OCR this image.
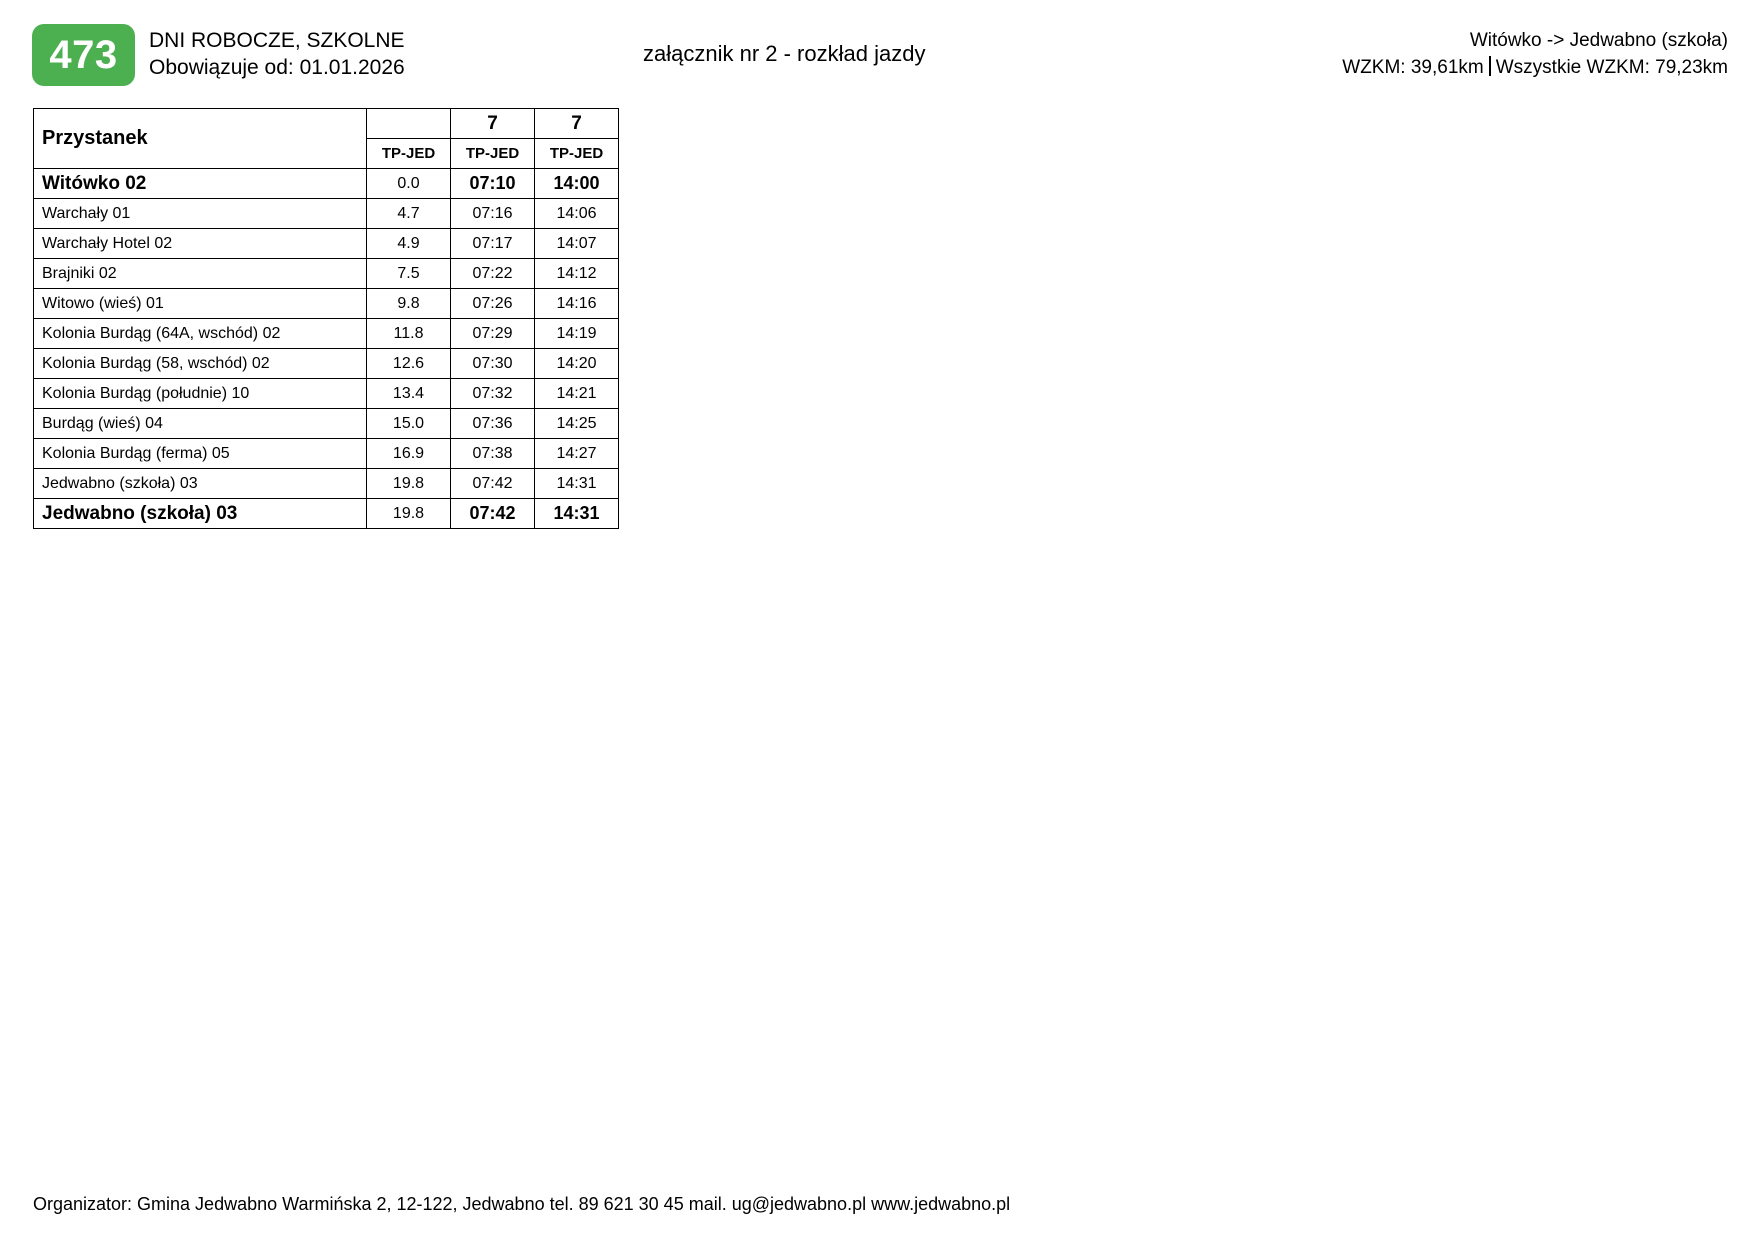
473 DNI ROBOCZE, SZKOLNE
Obowiązuje od: 01.01.2026
załącznik nr 2 - rozkład jazdy
Witówko -> Jedwabno (szkoła)
WZKM: 39,61km Wszystkie WZKM: 79,23km
Przystanek		7	7
	TP-JED	TP-JED	TP-JED
Witówko 02	0.0	07:10	14:00
Warchały 01	4.7	07:16	14:06
Warchały Hotel 02	4.9	07:17	14:07
Brajniki 02	7.5	07:22	14:12
Witowo (wieś) 01	9.8	07:26	14:16
Kolonia Burdąg (64A, wschód) 02	11.8	07:29	14:19
Kolonia Burdąg (58, wschód) 02	12.6	07:30	14:20
Kolonia Burdąg (południe) 10	13.4	07:32	14:21
Burdąg (wieś) 04	15.0	07:36	14:25
Kolonia Burdąg (ferma) 05	16.9	07:38	14:27
Jedwabno (szkoła) 03	19.8	07:42	14:31
Jedwabno (szkoła) 03	19.8	07:42	14:31
Organizator: Gmina Jedwabno Warmińska 2, 12-122, Jedwabno tel. 89 621 30 45 mail. ug@jedwabno.pl www.jedwabno.pl
